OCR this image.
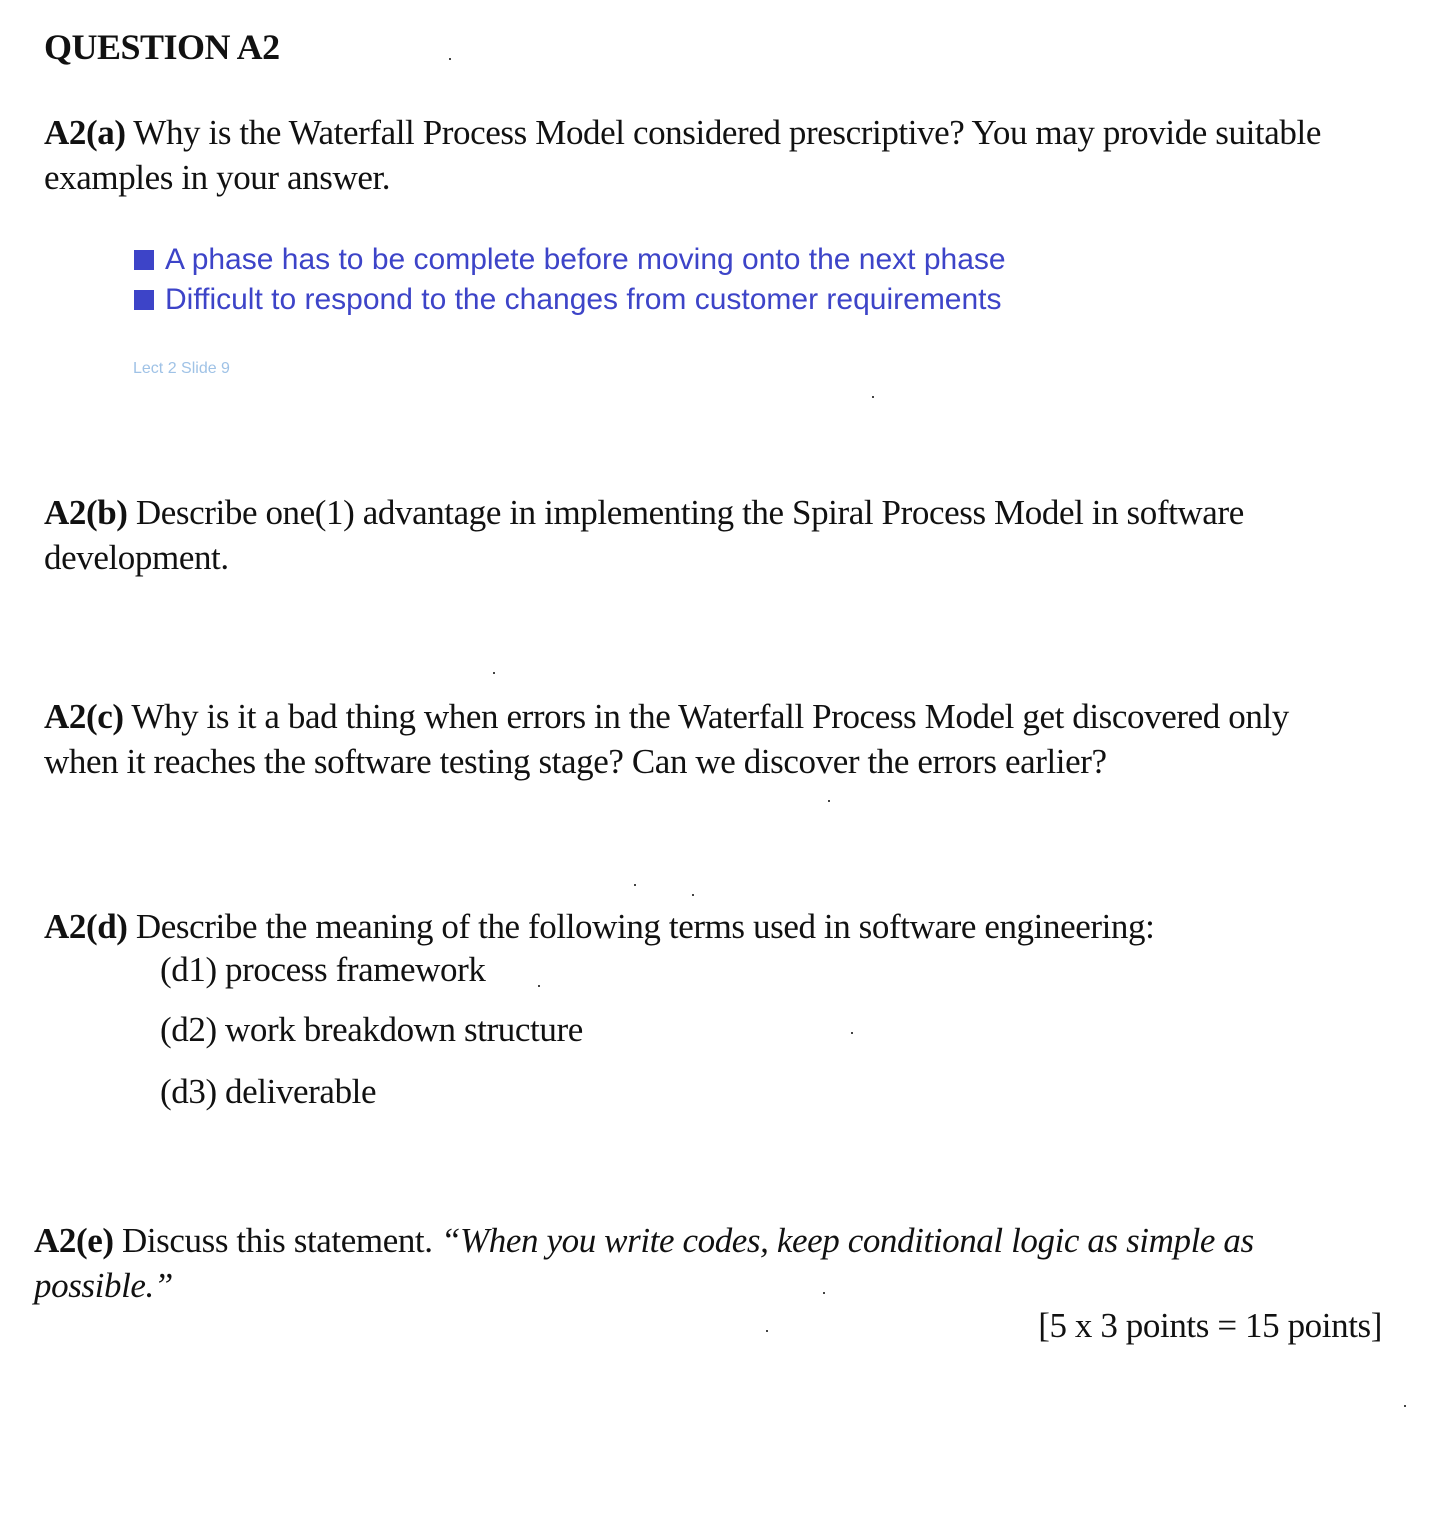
QUESTION A2
A2(a) Why is the Waterfall Process Model considered prescriptive? You may provide suitable examples in your answer.
A phase has to be complete before moving onto the next phase
Difficult to respond to the changes from customer requirements
Lect 2 Slide 9
A2(b) Describe one(1) advantage in implementing the Spiral Process Model in software development.
A2(c) Why is it a bad thing when errors in the Waterfall Process Model get discovered only when it reaches the software testing stage? Can we discover the errors earlier?
A2(d) Describe the meaning of the following terms used in software engineering:
(d1) process framework
(d2) work breakdown structure
(d3) deliverable
A2(e) Discuss this statement. “When you write codes, keep conditional logic as simple as possible.”
[5 x 3 points = 15 points]
